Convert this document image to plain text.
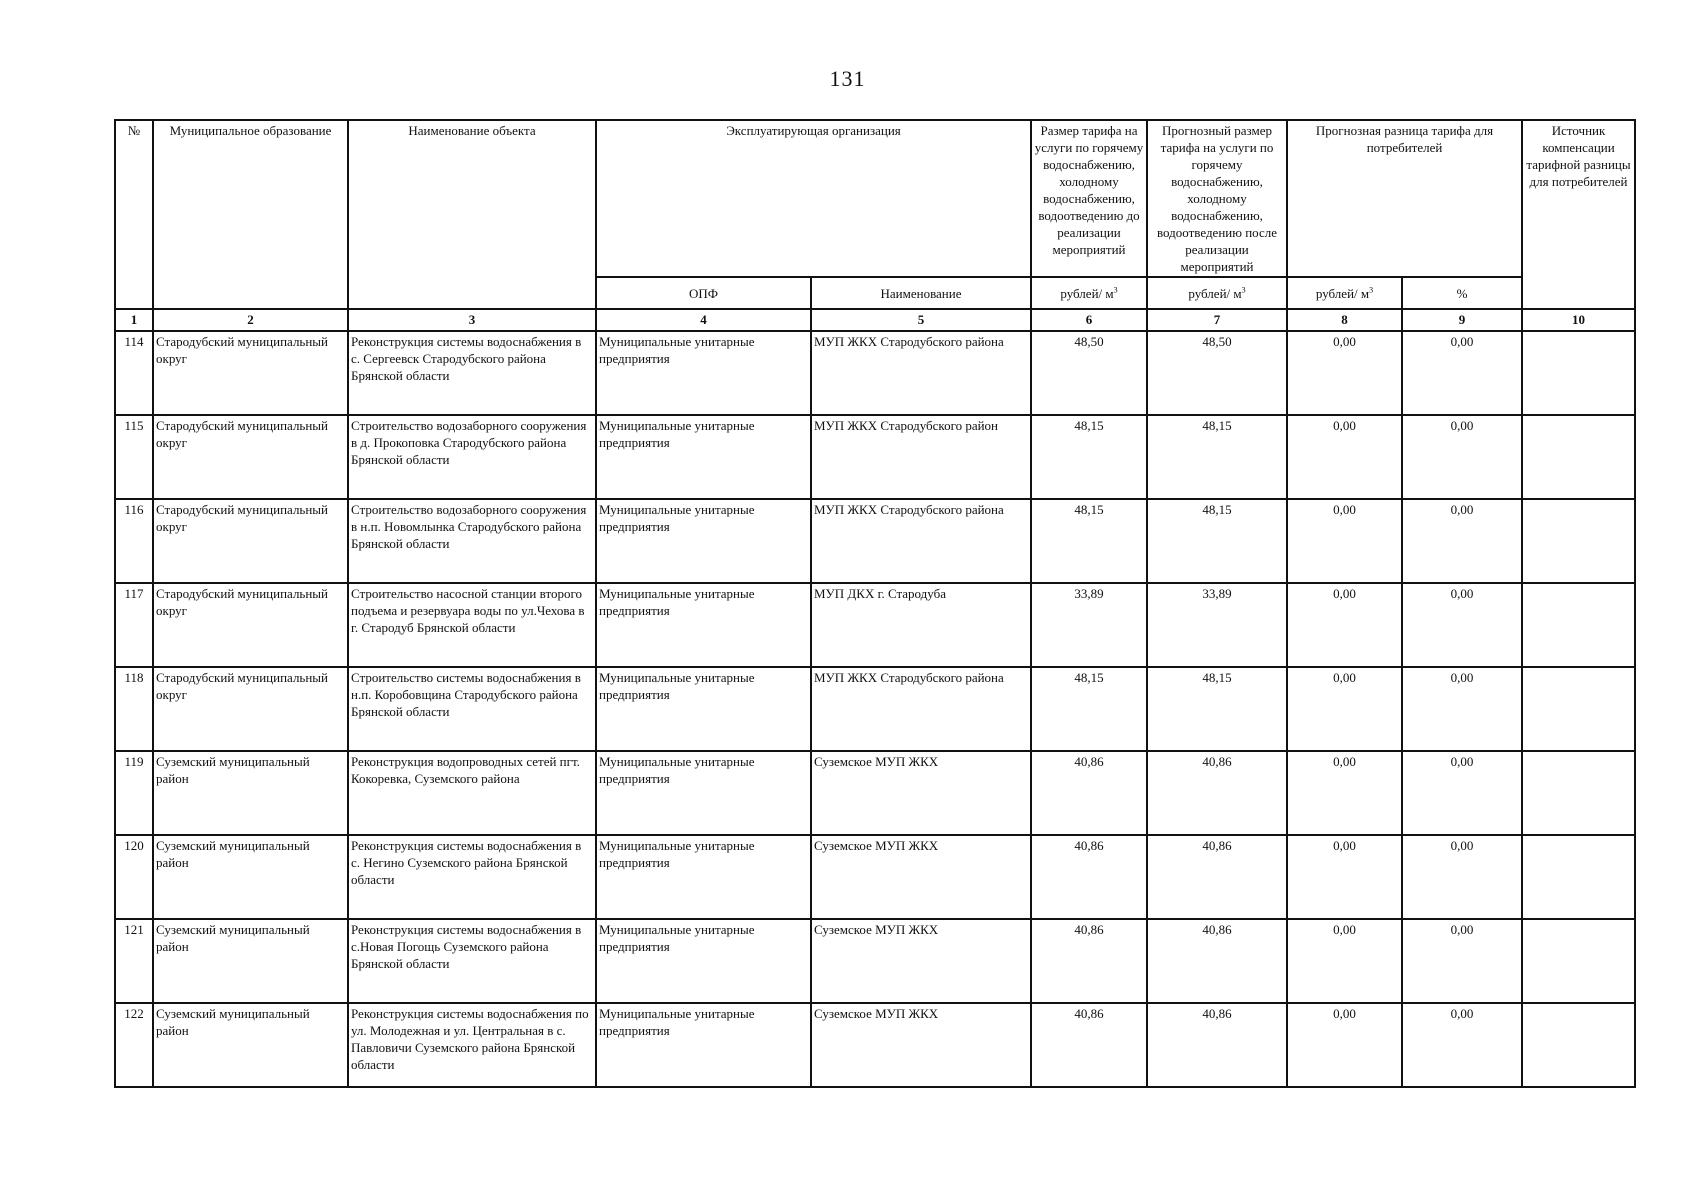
131
№	Муниципальное образование	Наименование объекта	Эксплуатирующая организация		Размер тарифа на услуги по горячему водоснабжению, холодному водоснабжению, водоотведению до реализации мероприятий	Прогнозный размер тарифа на услуги по горячему водоснабжению, холодному водоснабжению, водоотведению после реализации мероприятий	Прогнозная разница тарифа для потребителей		Источник компенсации тарифной разницы для потребителей
			ОПФ	Наименование	рублей/ $м^3$	рублей/ $м^3$	рублей/ $м^3$	%	
1	2	3	4	5	6	7	8	9	10
114	Стародубский муниципальный округ	Реконструкция системы водоснабжения в с. Сергеевск Стародубского района Брянской области	Муниципальные унитарные предприятия	МУП ЖКХ Стародубского района	48,50	48,50	0,00	0,00	
115	Стародубский муниципальный округ	Строительство водозаборного сооружения в д. Прокоповка Стародубского района Брянской области	Муниципальные унитарные предприятия	МУП ЖКХ Стародубского район	48,15	48,15	0,00	0,00	
116	Стародубский муниципальный округ	Строительство водозаборного сооружения в н.п. Новомлынка Стародубского района Брянской области	Муниципальные унитарные предприятия	МУП ЖКХ Стародубского района	48,15	48,15	0,00	0,00	
117	Стародубский муниципальный округ	Строительство насосной станции второго подъема и резервуара воды по ул.Чехова в г. Стародуб Брянской области	Муниципальные унитарные предприятия	МУП ДКХ г. Стародуба	33,89	33,89	0,00	0,00	
118	Стародубский муниципальный округ	Строительство системы водоснабжения в н.п. Коробовщина Стародубского района Брянской области	Муниципальные унитарные предприятия	МУП ЖКХ Стародубского района	48,15	48,15	0,00	0,00	
119	Суземский муниципальный район	Реконструкция водопроводных сетей пгт. Кокоревка, Суземского района	Муниципальные унитарные предприятия	Суземское МУП ЖКХ	40,86	40,86	0,00	0,00	
120	Суземский муниципальный район	Реконструкция системы водоснабжения в с. Негино Суземского района Брянской области	Муниципальные унитарные предприятия	Суземское МУП ЖКХ	40,86	40,86	0,00	0,00	
121	Суземский муниципальный район	Реконструкция системы водоснабжения в с.Новая Погощь Суземского района Брянской области	Муниципальные унитарные предприятия	Суземское МУП ЖКХ	40,86	40,86	0,00	0,00	
122	Суземский муниципальный район	Реконструкция системы водоснабжения по ул. Молодежная и ул. Центральная в с. Павловичи Суземского района Брянской области	Муниципальные унитарные предприятия	Суземское МУП ЖКХ	40,86	40,86	0,00	0,00	
